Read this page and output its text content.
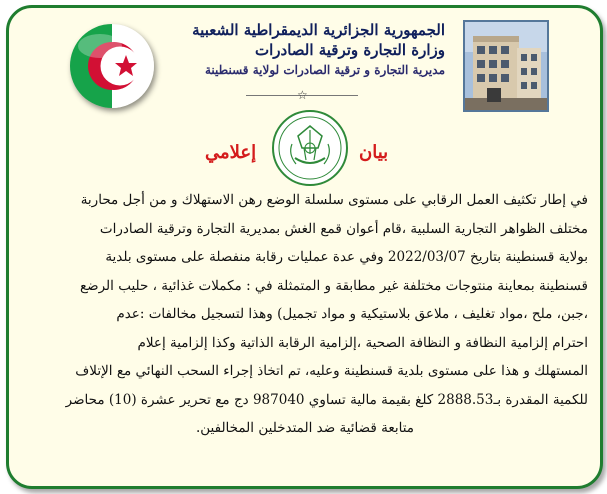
الجمهورية الجزائرية الديمقراطية الشعبية
وزارة التجارة وترقية الصادرات
مديرية التجارة و ترقية الصادرات لولاية قسنطينة
☆
بيان
إعلامي
في إطار تكثيف العمل الرقابي على مستوى سلسلة الوضع رهن الاستهلاك و من أجل محاربة
مختلف الظواهر التجارية السلبية ،قام أعوان قمع الغش بمديرية التجارة وترقية الصادرات
بولاية قسنطينة بتاريخ 2022/03/07 وفي عدة عمليات رقابة منفصلة على مستوى بلدية
قسنطينة بمعاينة منتوجات مختلفة غير مطابقة و المتمثلة في : مكملات غذائية ، حليب الرضع
،جبن، ملح ،مواد تغليف ، ملاعق بلاستيكية و مواد تجميل) وهذا لتسجيل مخالفات :عدم
احترام إلزامية النظافة و النظافة الصحية ،إلزامية الرقابة الذاتية وكذا إلزامية إعلام
المستهلك و هذا على مستوى بلدية قسنطينة وعليه، تم اتخاذ إجراء السحب النهائي مع الإتلاف
للكمية المقدرة بـ2888.53 كلغ بقيمة مالية تساوي 987040 دج مع تحرير عشرة (10) محاضر
متابعة قضائية ضد المتدخلين المخالفين.
